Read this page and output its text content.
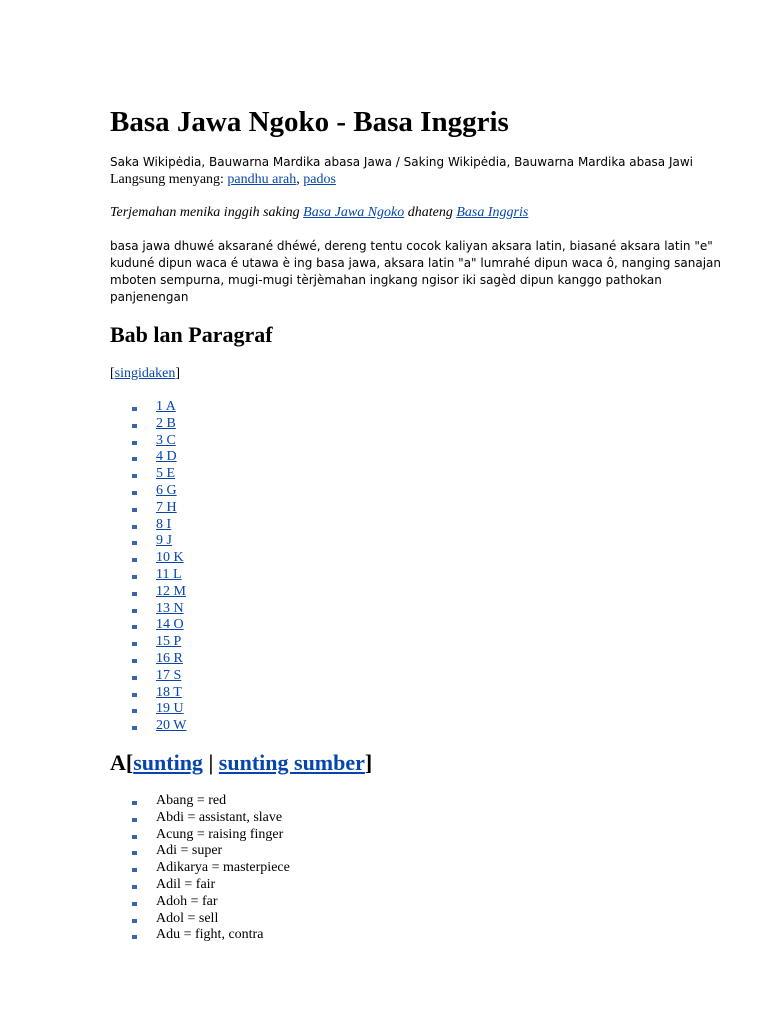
Basa Jawa Ngoko - Basa Inggris

Saka Wikipėdia, Bauwarna Mardika abasa Jawa / Saking Wikipėdia, Bauwarna Mardika abasa Jawi

Langsung menyang: pandhu arah, pados

Terjemahan menika inggih saking Basa Jawa Ngoko dhateng Basa Inggris

basa jawa dhuwé aksarané dhéwé, dereng tentu cocok kaliyan aksara latin, biasané aksara latin "e" kuduné dipun waca é utawa è ing basa jawa, aksara latin "a" lumrahé dipun waca ô, nanging sanajan mboten sempurna, mugi-mugi tèrjèmahan ingkang ngisor iki sagèd dipun kanggo pathokan panjenengan

Bab lan Paragraf

[singidaken]

1 A
2 B
3 C
4 D
5 E
6 G
7 H
8 I
9 J
10 K
11 L
12 M
13 N
14 O
15 P
16 R
17 S
18 T
19 U
20 W
A[sunting | sunting sumber]
Abang = red
Abdi = assistant, slave
Acung = raising finger
Adi = super
Adikarya = masterpiece
Adil = fair
Adoh = far
Adol = sell
Adu = fight, contra
